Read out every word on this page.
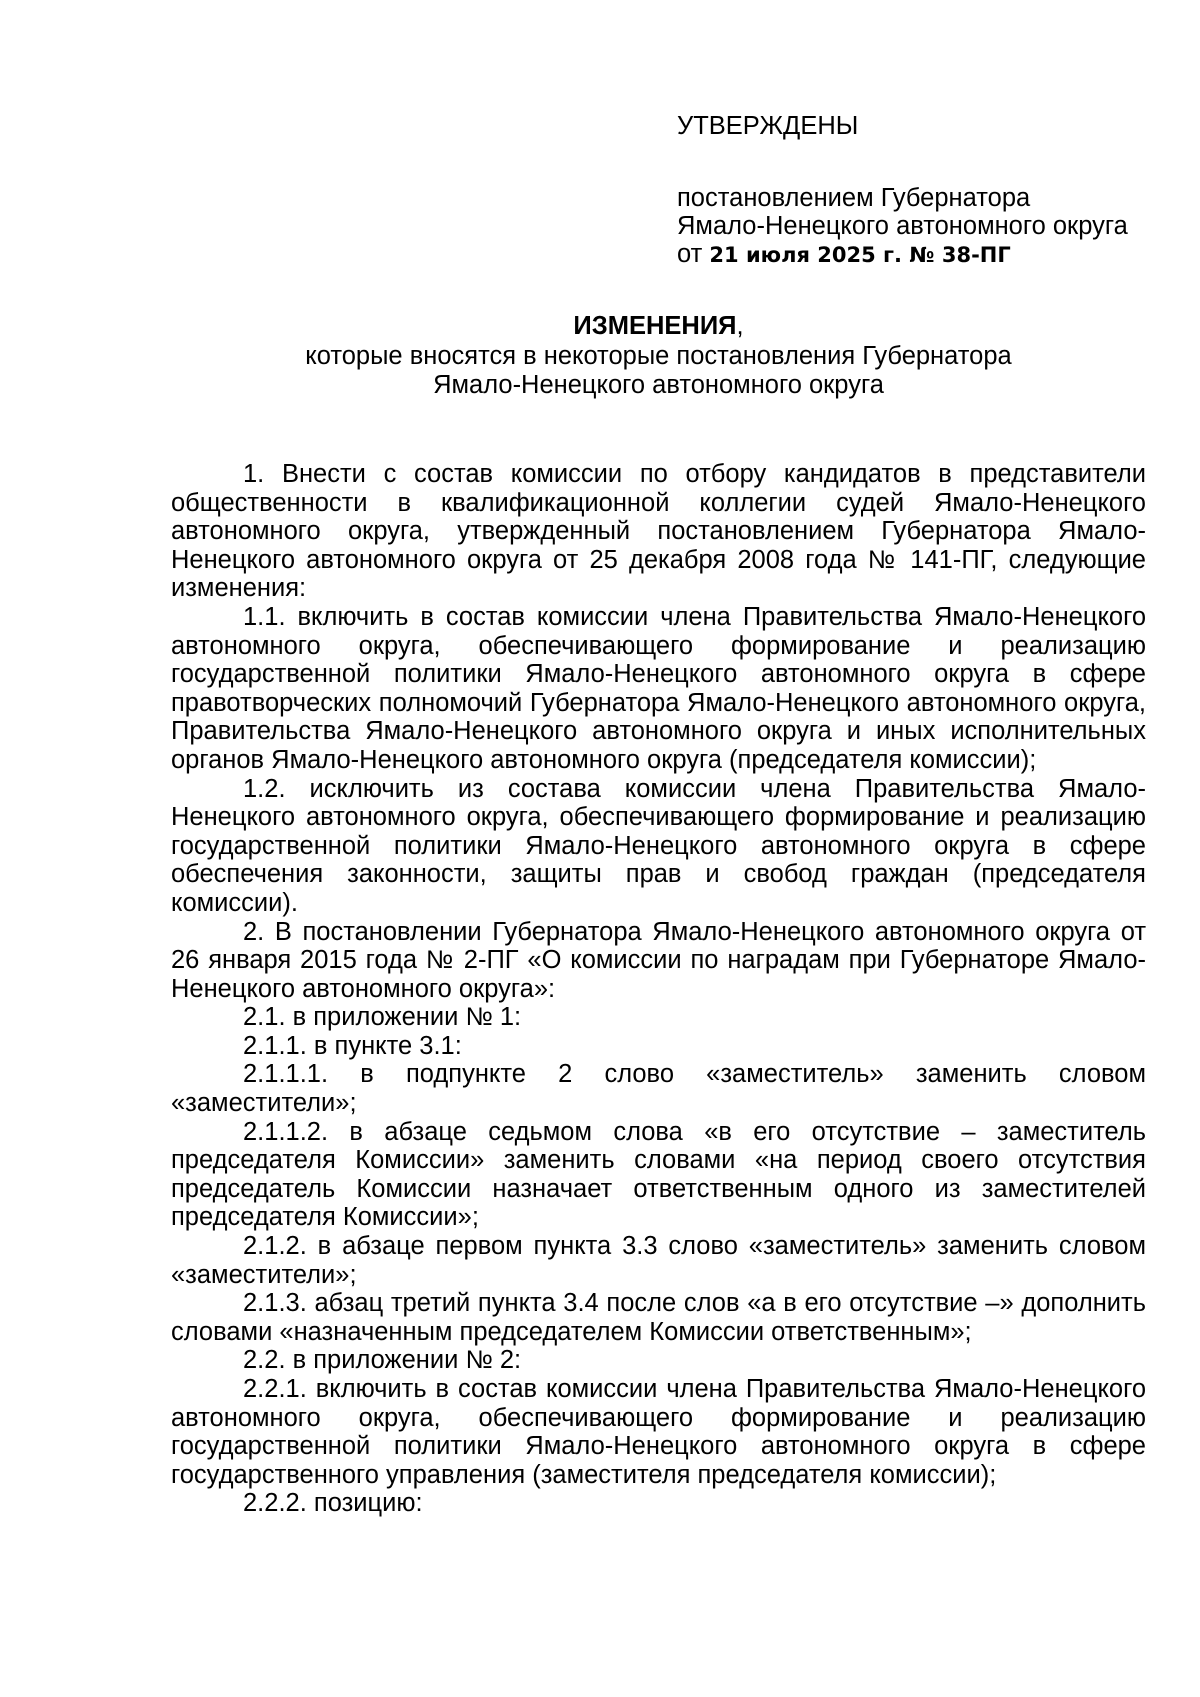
УТВЕРЖДЕНЫ
постановлением Губернатора
Ямало-Ненецкого автономного округа
от 21 июля 2025 г. № 38-ПГ
ИЗМЕНЕНИЯ,
которые вносятся в некоторые постановления Губернатора
Ямало-Ненецкого автономного округа

1. Внести с состав комиссии по отбору кандидатов в представители общественности в квалификационной коллегии судей Ямало-Ненецкого автономного округа, утвержденный постановлением Губернатора Ямало-Ненецкого автономного округа от 25 декабря 2008 года № 141-ПГ, следующие изменения:

1.1. включить в состав комиссии члена Правительства Ямало-Ненецкого автономного округа, обеспечивающего формирование и реализацию государственной политики Ямало-Ненецкого автономного округа в сфере правотворческих полномочий Губернатора Ямало-Ненецкого автономного округа, Правительства Ямало-Ненецкого автономного округа и иных исполнительных органов Ямало-Ненецкого автономного округа (председателя комиссии);

1.2. исключить из состава комиссии члена Правительства Ямало-Ненецкого автономного округа, обеспечивающего формирование и реализацию государственной политики Ямало-Ненецкого автономного округа в сфере обеспечения законности, защиты прав и свобод граждан (председателя комиссии).

2. В постановлении Губернатора Ямало-Ненецкого автономного округа от 26 января 2015 года № 2-ПГ «О комиссии по наградам при Губернаторе Ямало-Ненецкого автономного округа»:

2.1. в приложении № 1:

2.1.1. в пункте 3.1:

2.1.1.1. в подпункте 2 слово «заместитель» заменить словом «заместители»;

2.1.1.2. в абзаце седьмом слова «в его отсутствие – заместитель председателя Комиссии» заменить словами «на период своего отсутствия председатель Комиссии назначает ответственным одного из заместителей председателя Комиссии»;

2.1.2. в абзаце первом пункта 3.3 слово «заместитель» заменить словом «заместители»;

2.1.3. абзац третий пункта 3.4 после слов «а в его отсутствие –» дополнить словами «назначенным председателем Комиссии ответственным»;

2.2. в приложении № 2:

2.2.1. включить в состав комиссии члена Правительства Ямало-Ненецкого автономного округа, обеспечивающего формирование и реализацию государственной политики Ямало-Ненецкого автономного округа в сфере государственного управления (заместителя председателя комиссии);

2.2.2. позицию:
